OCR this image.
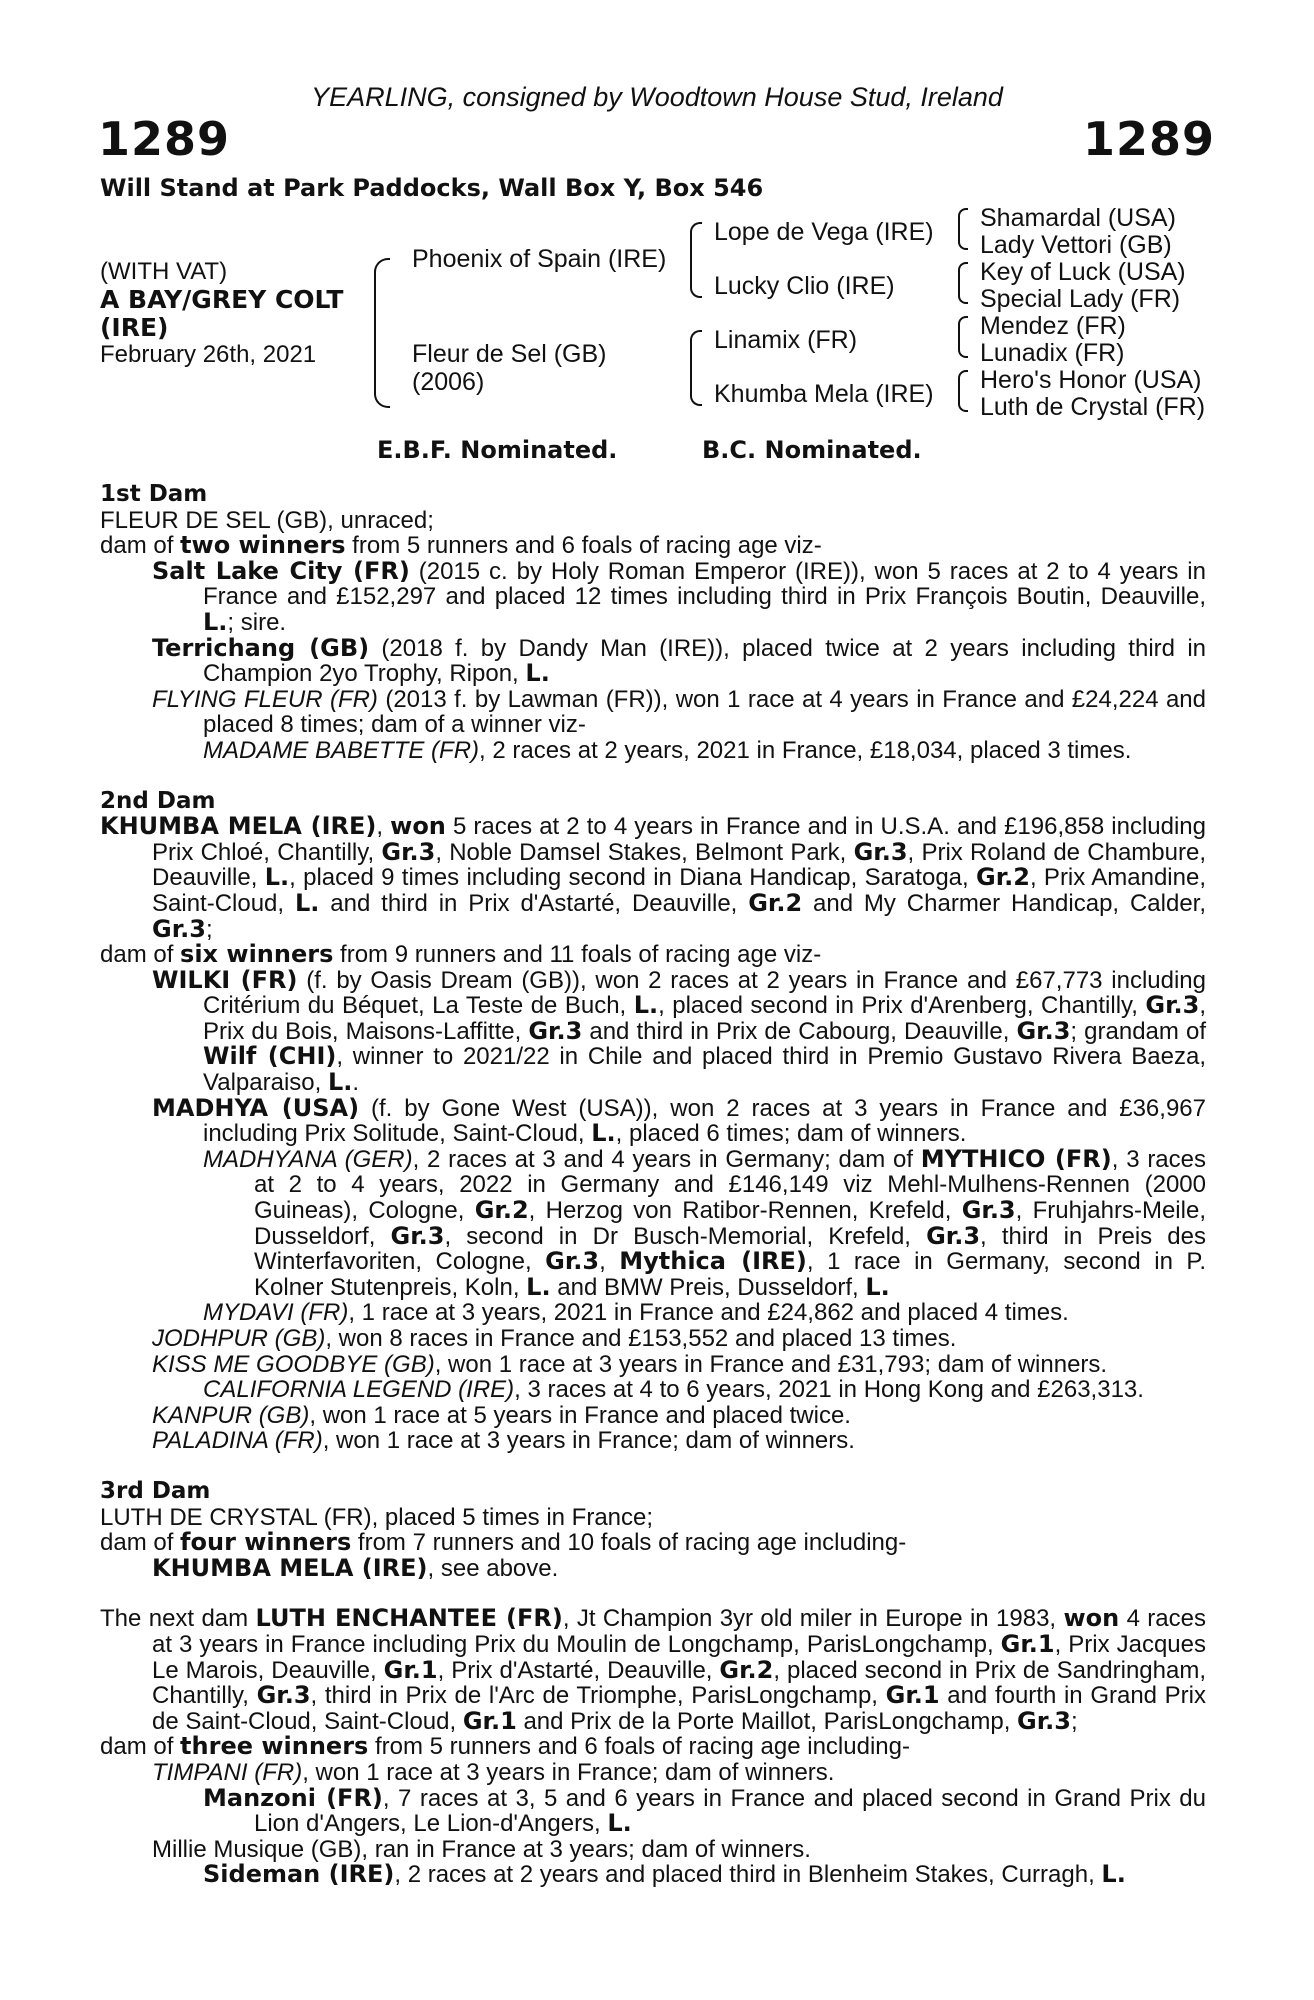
YEARLING, consigned by Woodtown House Stud, Ireland
1289	1289
Will Stand at Park Paddocks, Wall Box Y, Box 546
(WITH VAT)
A BAY/GREY COLT
(IRE)
February 26th, 2021
Phoenix of Spain (IRE)
Fleur de Sel (GB)
(2006)
Lope de Vega (IRE)
Lucky Clio (IRE)
Linamix (FR)
Khumba Mela (IRE)
Shamardal (USA)
Lady Vettori (GB)
Key of Luck (USA)
Special Lady (FR)
Mendez (FR)
Lunadix (FR)
Hero's Honor (USA)
Luth de Crystal (FR)
E.B.F. Nominated.	B.C. Nominated.

1st Dam

FLEUR DE SEL (GB), unraced;

dam of two winners from 5 runners and 6 foals of racing age viz-

Salt Lake City (FR) (2015 c. by Holy Roman Emperor (IRE)), won 5 races at 2 to 4 years in France and £152,297 and placed 12 times including third in Prix François Boutin, Deauville, L.; sire.

Terrichang (GB) (2018 f. by Dandy Man (IRE)), placed twice at 2 years including third in Champion 2yo Trophy, Ripon, L.

FLYING FLEUR (FR) (2013 f. by Lawman (FR)), won 1 race at 4 years in France and £24,224 and placed 8 times; dam of a winner viz-

MADAME BABETTE (FR), 2 races at 2 years, 2021 in France, £18,034, placed 3 times.

2nd Dam

KHUMBA MELA (IRE), won 5 races at 2 to 4 years in France and in U.S.A. and £196,858 including Prix Chloé, Chantilly, Gr.3, Noble Damsel Stakes, Belmont Park, Gr.3, Prix Roland de Chambure, Deauville, L., placed 9 times including second in Diana Handicap, Saratoga, Gr.2, Prix Amandine, Saint-Cloud, L. and third in Prix d'Astarté, Deauville, Gr.2 and My Charmer Handicap, Calder, Gr.3;

dam of six winners from 9 runners and 11 foals of racing age viz-

WILKI (FR) (f. by Oasis Dream (GB)), won 2 races at 2 years in France and £67,773 including Critérium du Béquet, La Teste de Buch, L., placed second in Prix d'Arenberg, Chantilly, Gr.3, Prix du Bois, Maisons-Laffitte, Gr.3 and third in Prix de Cabourg, Deauville, Gr.3; grandam of Wilf (CHI), winner to 2021/22 in Chile and placed third in Premio Gustavo Rivera Baeza, Valparaiso, L..

MADHYA (USA) (f. by Gone West (USA)), won 2 races at 3 years in France and £36,967 including Prix Solitude, Saint-Cloud, L., placed 6 times; dam of winners.

MADHYANA (GER), 2 races at 3 and 4 years in Germany; dam of MYTHICO (FR), 3 races at 2 to 4 years, 2022 in Germany and £146,149 viz Mehl-Mulhens-Rennen (2000 Guineas), Cologne, Gr.2, Herzog von Ratibor-Rennen, Krefeld, Gr.3, Fruhjahrs-Meile, Dusseldorf, Gr.3, second in Dr Busch-Memorial, Krefeld, Gr.3, third in Preis des Winterfavoriten, Cologne, Gr.3, Mythica (IRE), 1 race in Germany, second in P. Kolner Stutenpreis, Koln, L. and BMW Preis, Dusseldorf, L.

MYDAVI (FR), 1 race at 3 years, 2021 in France and £24,862 and placed 4 times.

JODHPUR (GB), won 8 races in France and £153,552 and placed 13 times.

KISS ME GOODBYE (GB), won 1 race at 3 years in France and £31,793; dam of winners.

CALIFORNIA LEGEND (IRE), 3 races at 4 to 6 years, 2021 in Hong Kong and £263,313.

KANPUR (GB), won 1 race at 5 years in France and placed twice.

PALADINA (FR), won 1 race at 3 years in France; dam of winners.

3rd Dam

LUTH DE CRYSTAL (FR), placed 5 times in France;

dam of four winners from 7 runners and 10 foals of racing age including-

KHUMBA MELA (IRE), see above.

The next dam LUTH ENCHANTEE (FR), Jt Champion 3yr old miler in Europe in 1983, won 4 races at 3 years in France including Prix du Moulin de Longchamp, ParisLongchamp, Gr.1, Prix Jacques Le Marois, Deauville, Gr.1, Prix d'Astarté, Deauville, Gr.2, placed second in Prix de Sandringham, Chantilly, Gr.3, third in Prix de l'Arc de Triomphe, ParisLongchamp, Gr.1 and fourth in Grand Prix de Saint-Cloud, Saint-Cloud, Gr.1 and Prix de la Porte Maillot, ParisLongchamp, Gr.3;

dam of three winners from 5 runners and 6 foals of racing age including-

TIMPANI (FR), won 1 race at 3 years in France; dam of winners.

Manzoni (FR), 7 races at 3, 5 and 6 years in France and placed second in Grand Prix du Lion d'Angers, Le Lion-d'Angers, L.

Millie Musique (GB), ran in France at 3 years; dam of winners.

Sideman (IRE), 2 races at 2 years and placed third in Blenheim Stakes, Curragh, L.
